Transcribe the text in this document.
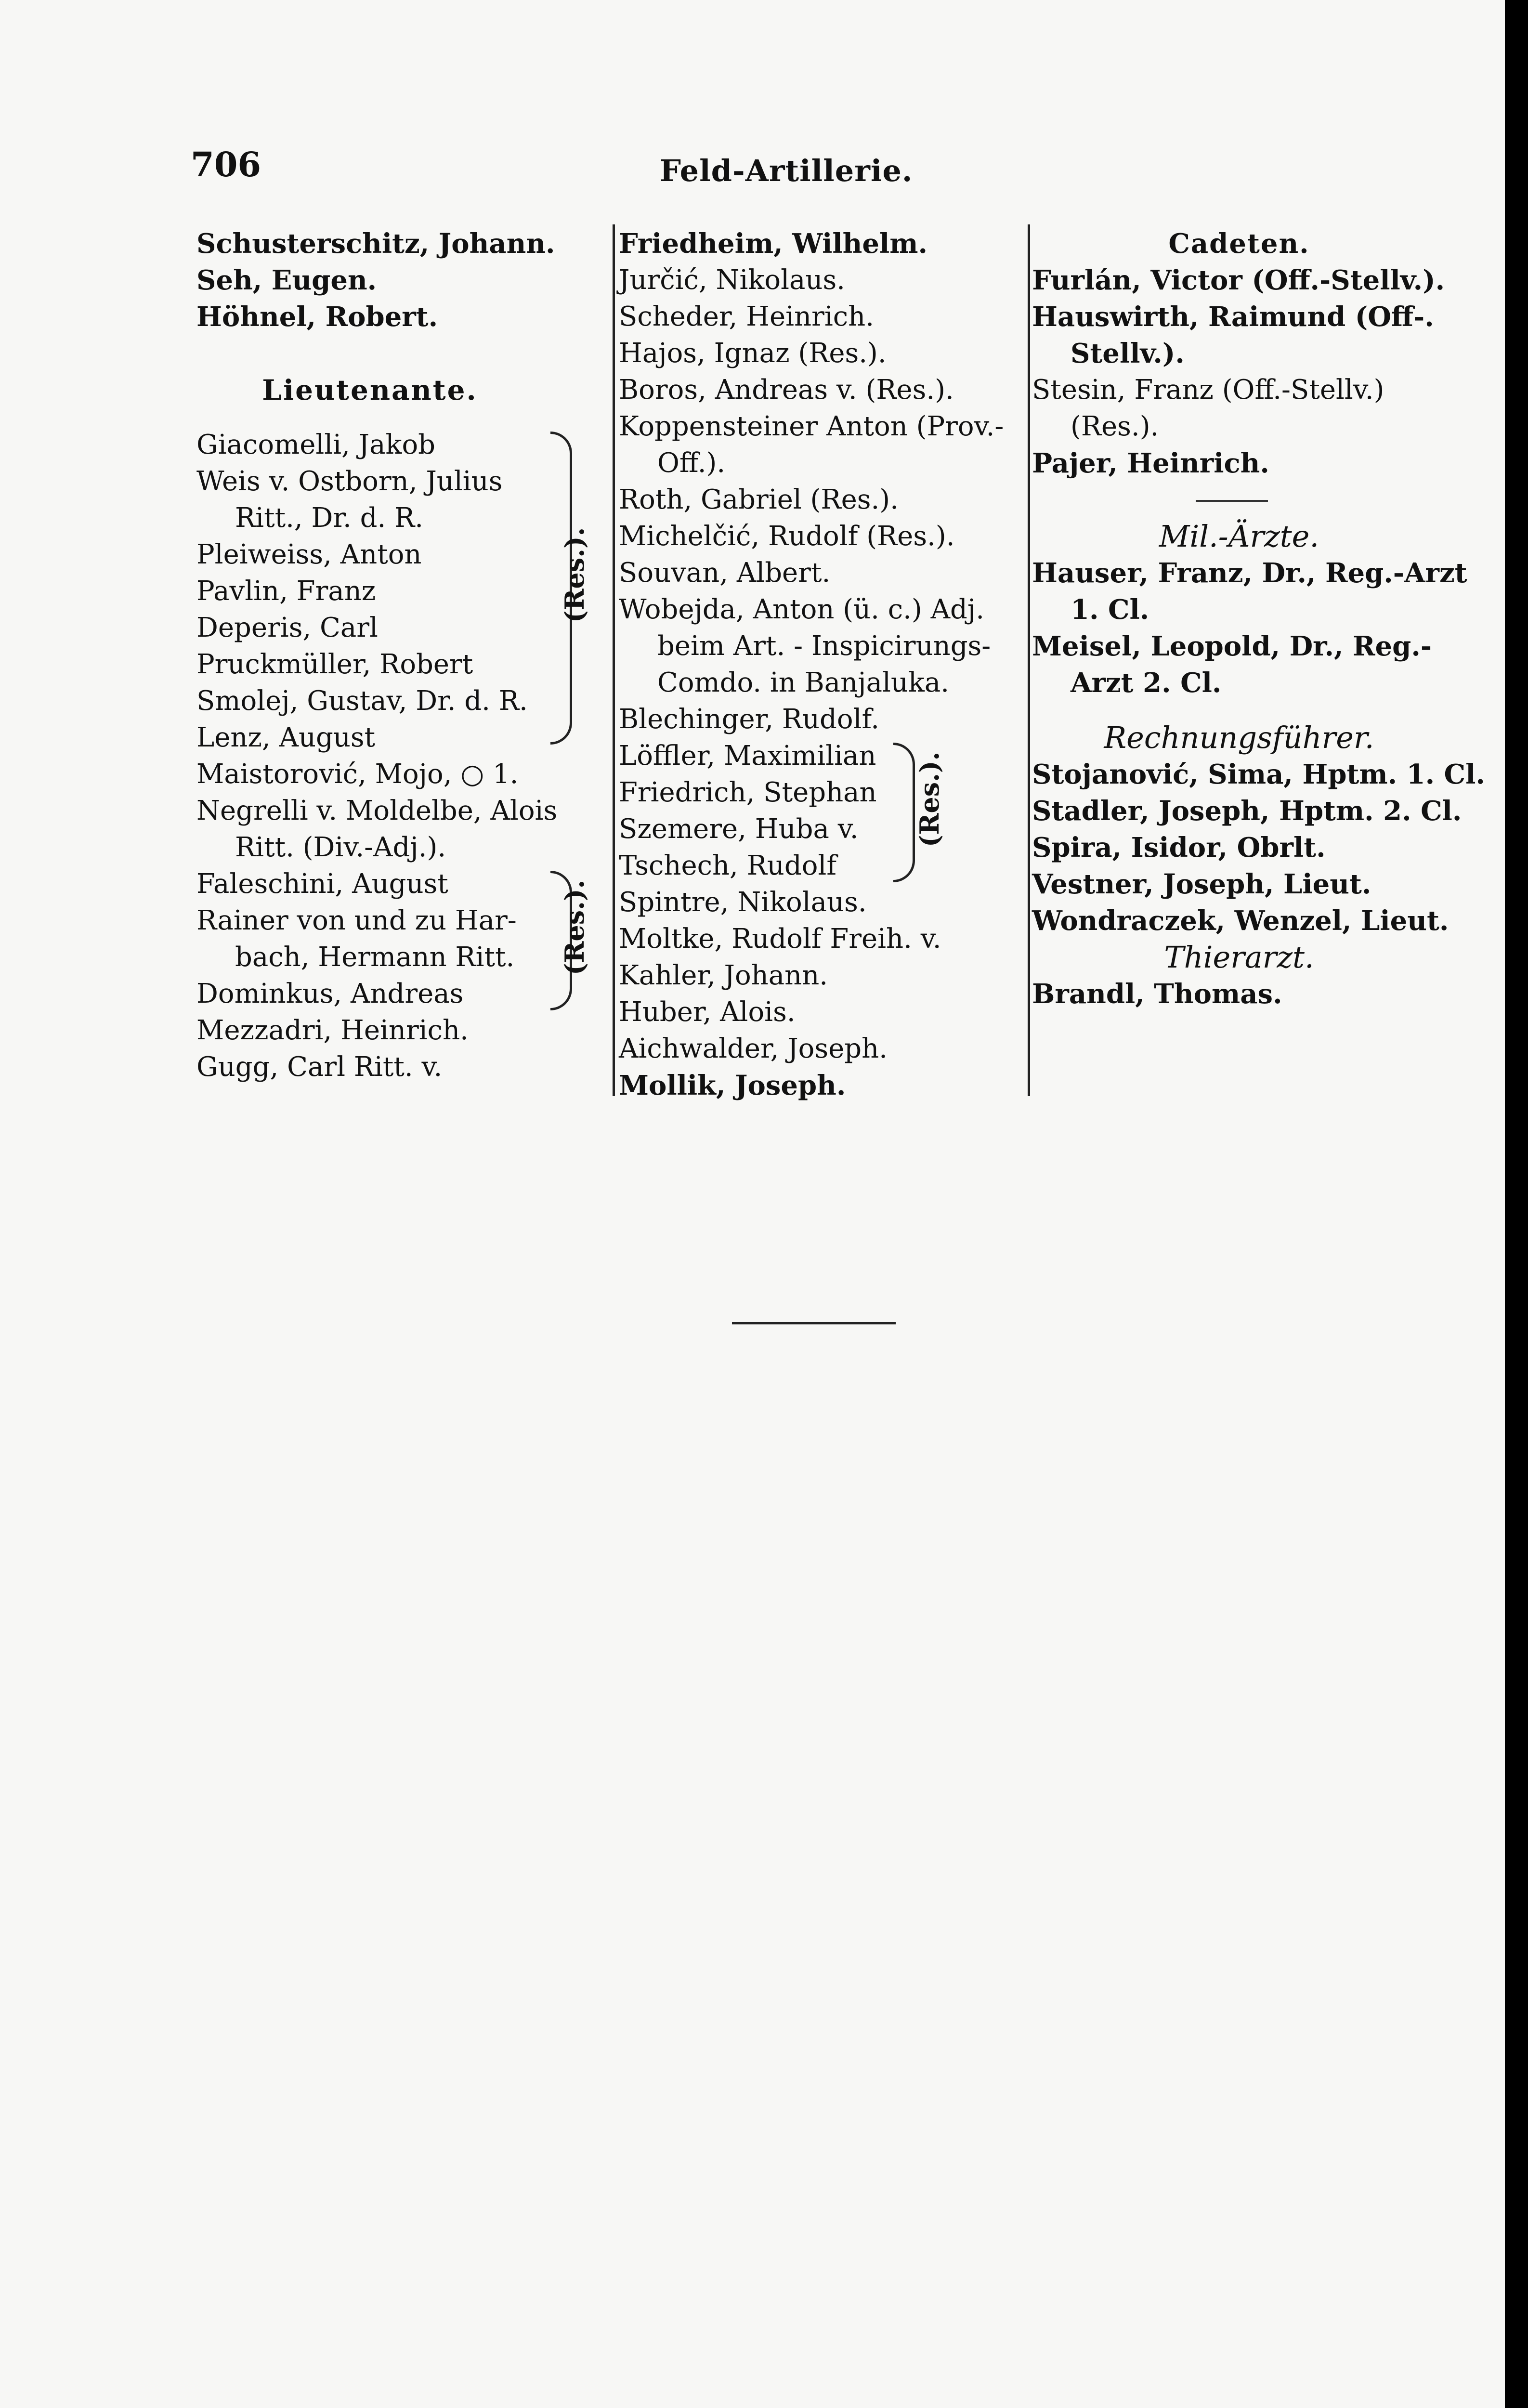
706	Feld-Artillerie.
Schusterschitz, Johann.
Seh, Eugen.
Höhnel, Robert.
Lieutenante.
Giacomelli, Jakob
Weis v. Ostborn, Julius
Ritt., Dr. d. R.
Pleiweiss, Anton
Pavlin, Franz
Deperis, Carl
Pruckmüller, Robert
Smolej, Gustav, Dr. d. R.
Lenz, August
(Res.).
Maistorović, Mojo, ○ 1.
Negrelli v. Moldelbe, Alois
Ritt. (Div.-Adj.).
Faleschini, August
Rainer von und zu Har-
bach, Hermann Ritt.
Dominkus, Andreas
(Res.).
Mezzadri, Heinrich.
Gugg, Carl Ritt. v.
Friedheim, Wilhelm.
Jurčić, Nikolaus.
Scheder, Heinrich.
Hajos, Ignaz (Res.).
Boros, Andreas v. (Res.).
Koppensteiner Anton (Prov.-
Off.).
Roth, Gabriel (Res.).
Michelčić, Rudolf (Res.).
Souvan, Albert.
Wobejda, Anton (ü. c.) Adj.
beim Art. - Inspicirungs-
Comdo. in Banjaluka.
Blechinger, Rudolf.
Löffler, Maximilian
Friedrich, Stephan
Szemere, Huba v.
Tschech, Rudolf
(Res.).
Spintre, Nikolaus.
Moltke, Rudolf Freih. v.
Kahler, Johann.
Huber, Alois.
Aichwalder, Joseph.
Mollik, Joseph.
Cadeten.
Furlán, Victor (Off.-Stellv.).
Hauswirth, Raimund (Off-.
Stellv.).
Stesin, Franz (Off.-Stellv.)
(Res.).
Pajer, Heinrich.
Mil.-Ärzte.
Hauser, Franz, Dr., Reg.-Arzt
1. Cl.
Meisel, Leopold, Dr., Reg.-
Arzt 2. Cl.
Rechnungsführer.
Stojanović, Sima, Hptm. 1. Cl.
Stadler, Joseph, Hptm. 2. Cl.
Spira, Isidor, Obrlt.
Vestner, Joseph, Lieut.
Wondraczek, Wenzel, Lieut.
Thierarzt.
Brandl, Thomas.
